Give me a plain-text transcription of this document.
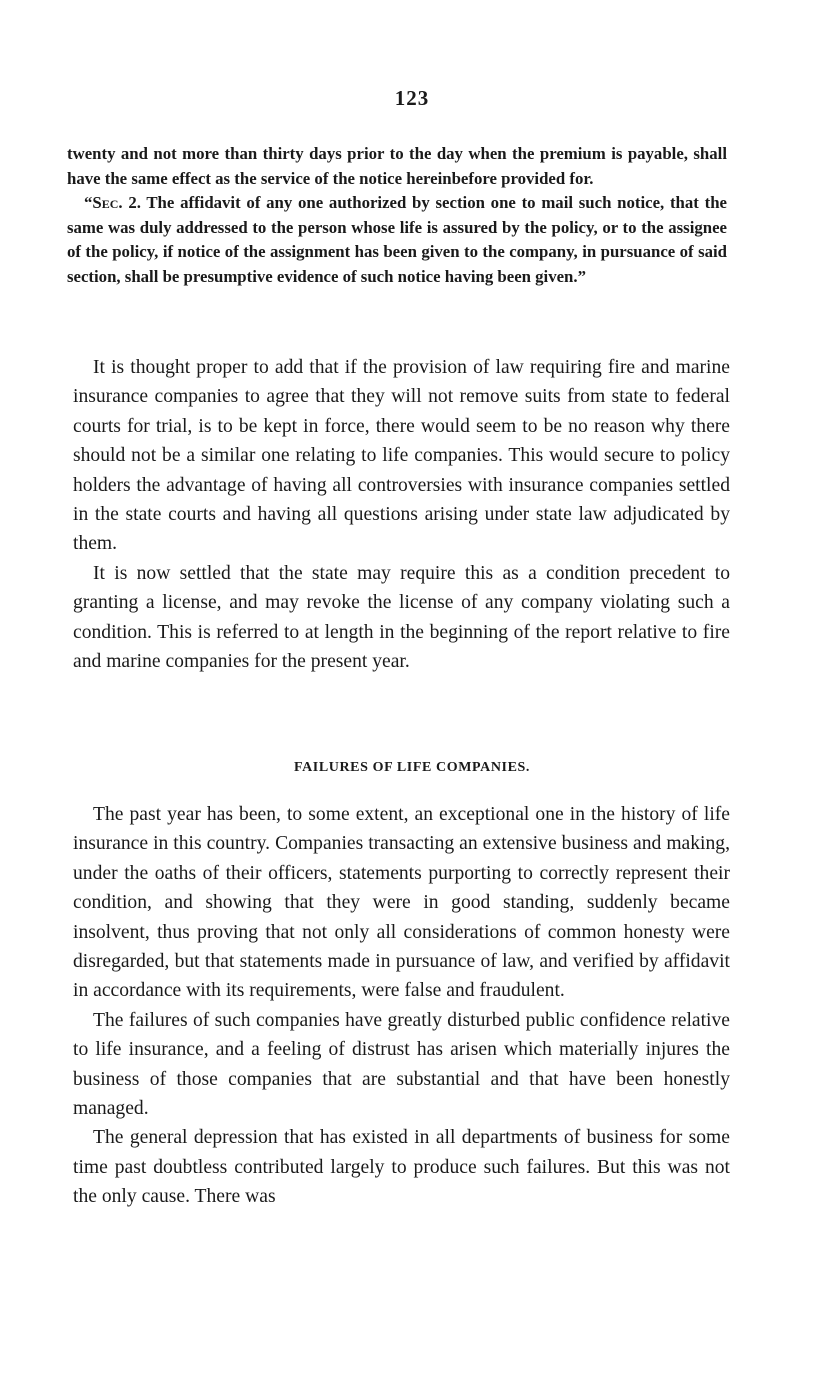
123

twenty and not more than thirty days prior to the day when the premium is payable, shall have the same effect as the service of the notice hereinbefore provided for.

“Sec. 2. The affidavit of any one authorized by section one to mail such notice, that the same was duly addressed to the person whose life is assured by the policy, or to the assignee of the policy, if notice of the assignment has been given to the company, in pursuance of said section, shall be presumptive evidence of such notice having been given.”

It is thought proper to add that if the provision of law requiring fire and marine insurance companies to agree that they will not remove suits from state to federal courts for trial, is to be kept in force, there would seem to be no reason why there should not be a similar one relating to life companies. This would secure to policy holders the advantage of having all controversies with insurance companies settled in the state courts and having all questions arising under state law adjudicated by them.

It is now settled that the state may require this as a condition precedent to granting a license, and may revoke the license of any company violating such a condition. This is referred to at length in the beginning of the report relative to fire and marine companies for the present year.

FAILURES OF LIFE COMPANIES.

The past year has been, to some extent, an exceptional one in the history of life insurance in this country. Companies transacting an extensive business and making, under the oaths of their officers, statements purporting to correctly represent their condition, and showing that they were in good standing, suddenly became insolvent, thus proving that not only all considerations of common honesty were disregarded, but that statements made in pursuance of law, and verified by affidavit in accordance with its requirements, were false and fraudulent.

The failures of such companies have greatly disturbed public confidence relative to life insurance, and a feeling of distrust has arisen which materially injures the business of those companies that are substantial and that have been honestly managed.

The general depression that has existed in all departments of business for some time past doubtless contributed largely to produce such failures. But this was not the only cause. There was
